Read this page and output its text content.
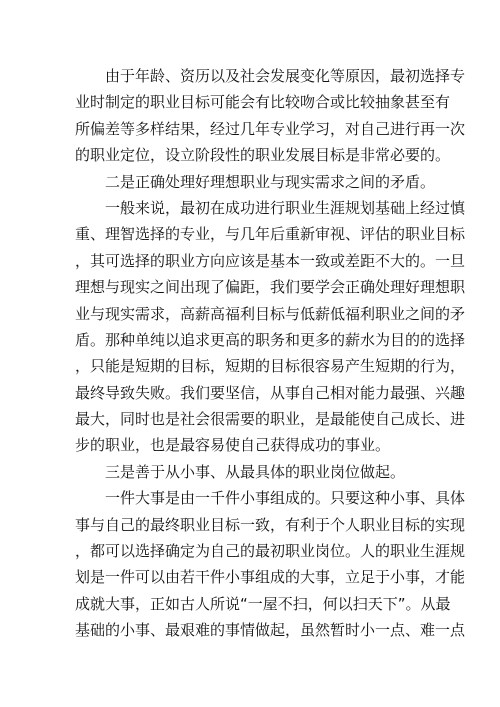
由于年龄、资历以及社会发展变化等原因，最初选择专
业时制定的职业目标可能会有比较吻合或比较抽象甚至有
所偏差等多样结果，经过几年专业学习，对自己进行再一次
的职业定位，设立阶段性的职业发展目标是非常必要的。
二是正确处理好理想职业与现实需求之间的矛盾。
一般来说，最初在成功进行职业生涯规划基础上经过慎
重、理智选择的专业，与几年后重新审视、评估的职业目标
，其可选择的职业方向应该是基本一致或差距不大的。一旦
理想与现实之间出现了偏距，我们要学会正确处理好理想职
业与现实需求，高薪高福利目标与低薪低福利职业之间的矛
盾。那种单纯以追求更高的职务和更多的薪水为目的的选择
，只能是短期的目标，短期的目标很容易产生短期的行为，
最终导致失败。我们要坚信，从事自己相对能力最强、兴趣
最大，同时也是社会很需要的职业，是最能使自己成长、进
步的职业，也是最容易使自己获得成功的事业。
三是善于从小事、从最具体的职业岗位做起。
一件大事是由一千件小事组成的。只要这种小事、具体
事与自己的最终职业目标一致，有利于个人职业目标的实现
，都可以选择确定为自己的最初职业岗位。人的职业生涯规
划是一件可以由若干件小事组成的大事，立足于小事，才能
成就大事，正如古人所说“一屋不扫，何以扫天下”。从最
基础的小事、最艰难的事情做起，虽然暂时小一点、难一点
